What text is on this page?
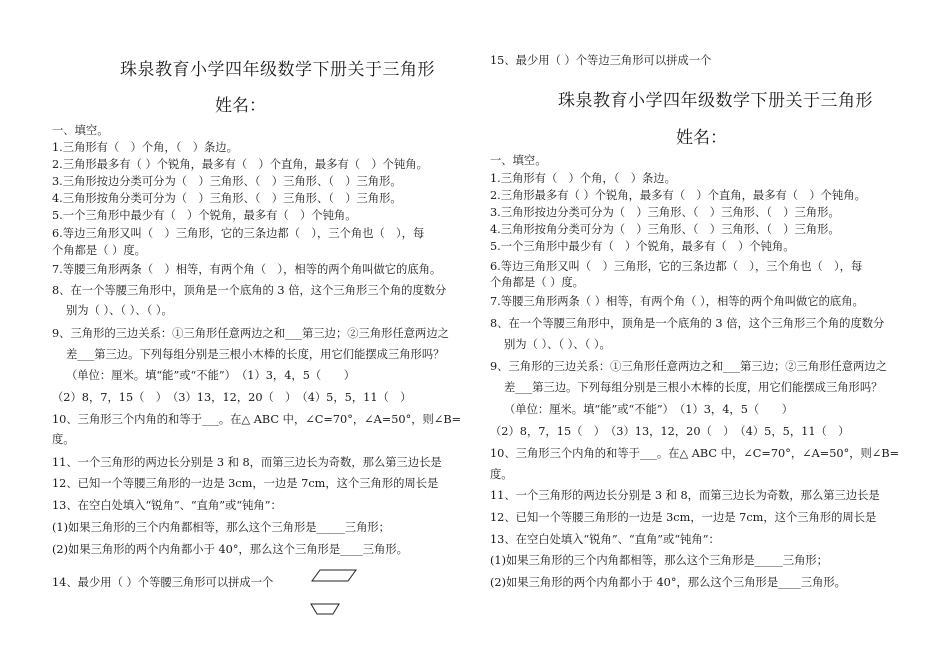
珠泉教育小学四年级数学下册关于三角形
姓名：
一、填空。
1.三角形有（　）个角，（　）条边。
2.三角形最多有（ ）个锐角，最多有（　）个直角，最多有（　）个钝角。
3.三角形按边分类可分为（　）三角形、（　）三角形、（　）三角形。
4.三角形按角分类可分为（　）三角形、（　）三角形、（　）三角形。
5.一个三角形中最少有（　）个锐角，最多有（　）个钝角。
6.等边三角形又叫（　）三角形，它的三条边都（　），三个角也（　），每
个角都是（ ）度。
7.等腰三角形两条（　）相等，有两个角（　），相等的两个角叫做它的底角。
8、在一个等腰三角形中，顶角是一个底角的 3 倍，这个三角形三个角的度数分
别为（ ）、（ ）、（ ）。
9、三角形的三边关系：①三角形任意两边之和___第三边；②三角形任意两边之
差___第三边。下列每组分别是三根小木棒的长度，用它们能摆成三角形吗？
（单位：厘米。填“能”或“不能”）　（1）3，4，5（　　）
（2）8，7，15（　）　（3）13，12，20（　）　（4）5，5，11（　）
10、三角形三个内角的和等于___。在△ ABC 中，∠C=70°，∠A=50°，则∠B=
度。
11、一个三角形的两边长分别是 3 和 8，而第三边长为奇数，那么第三边长是
12、已知一个等腰三角形的一边是 3cm，一边是 7cm，这个三角形的周长是
13、在空白处填入“锐角”、“直角”或“钝角”：
(1)如果三角形的三个内角都相等，那么这个三角形是_____三角形；
(2)如果三角形的两个内角都小于 40°，那么这个三角形是____三角形。
14、最少用（ ）个等腰三角形可以拼成一个
15、最少用（ ）个等边三角形可以拼成一个
珠泉教育小学四年级数学下册关于三角形
姓名：
一、填空。
1.三角形有（　）个角，（　）条边。
2.三角形最多有（ ）个锐角，最多有（　）个直角，最多有（　）个钝角。
3.三角形按边分类可分为（　）三角形、（　）三角形、（　）三角形。
4.三角形按角分类可分为（　）三角形、（　）三角形、（　）三角形。
5.一个三角形中最少有（　）个锐角，最多有（　）个钝角。
6.等边三角形又叫（　）三角形，它的三条边都（　），三个角也（　），每
个角都是（ ）度。
7.等腰三角形两条（ ）相等，有两个角（ ），相等的两个角叫做它的底角。
8、在一个等腰三角形中，顶角是一个底角的 3 倍，这个三角形三个角的度数分
别为（ ）、（ ）、（ ）。
9、三角形的三边关系：①三角形任意两边之和___第三边；②三角形任意两边之
差___第三边。下列每组分别是三根小木棒的长度，用它们能摆成三角形吗？
（单位：厘米。填“能”或“不能”）　（1）3，4，5（　　）
（2）8，7，15（　）　（3）13，12，20（　）　（4）5，5，11（　）
10、三角形三个内角的和等于___。在△ ABC 中，∠C=70°，∠A=50°，则∠B=
度。
11、一个三角形的两边长分别是 3 和 8，而第三边长为奇数，那么第三边长是
12、已知一个等腰三角形的一边是 3cm，一边是 7cm，这个三角形的周长是
13、在空白处填入“锐角”、“直角”或“钝角”：
(1)如果三角形的三个内角都相等，那么这个三角形是_____三角形；
(2)如果三角形的两个内角都小于 40°，那么这个三角形是____三角形。
